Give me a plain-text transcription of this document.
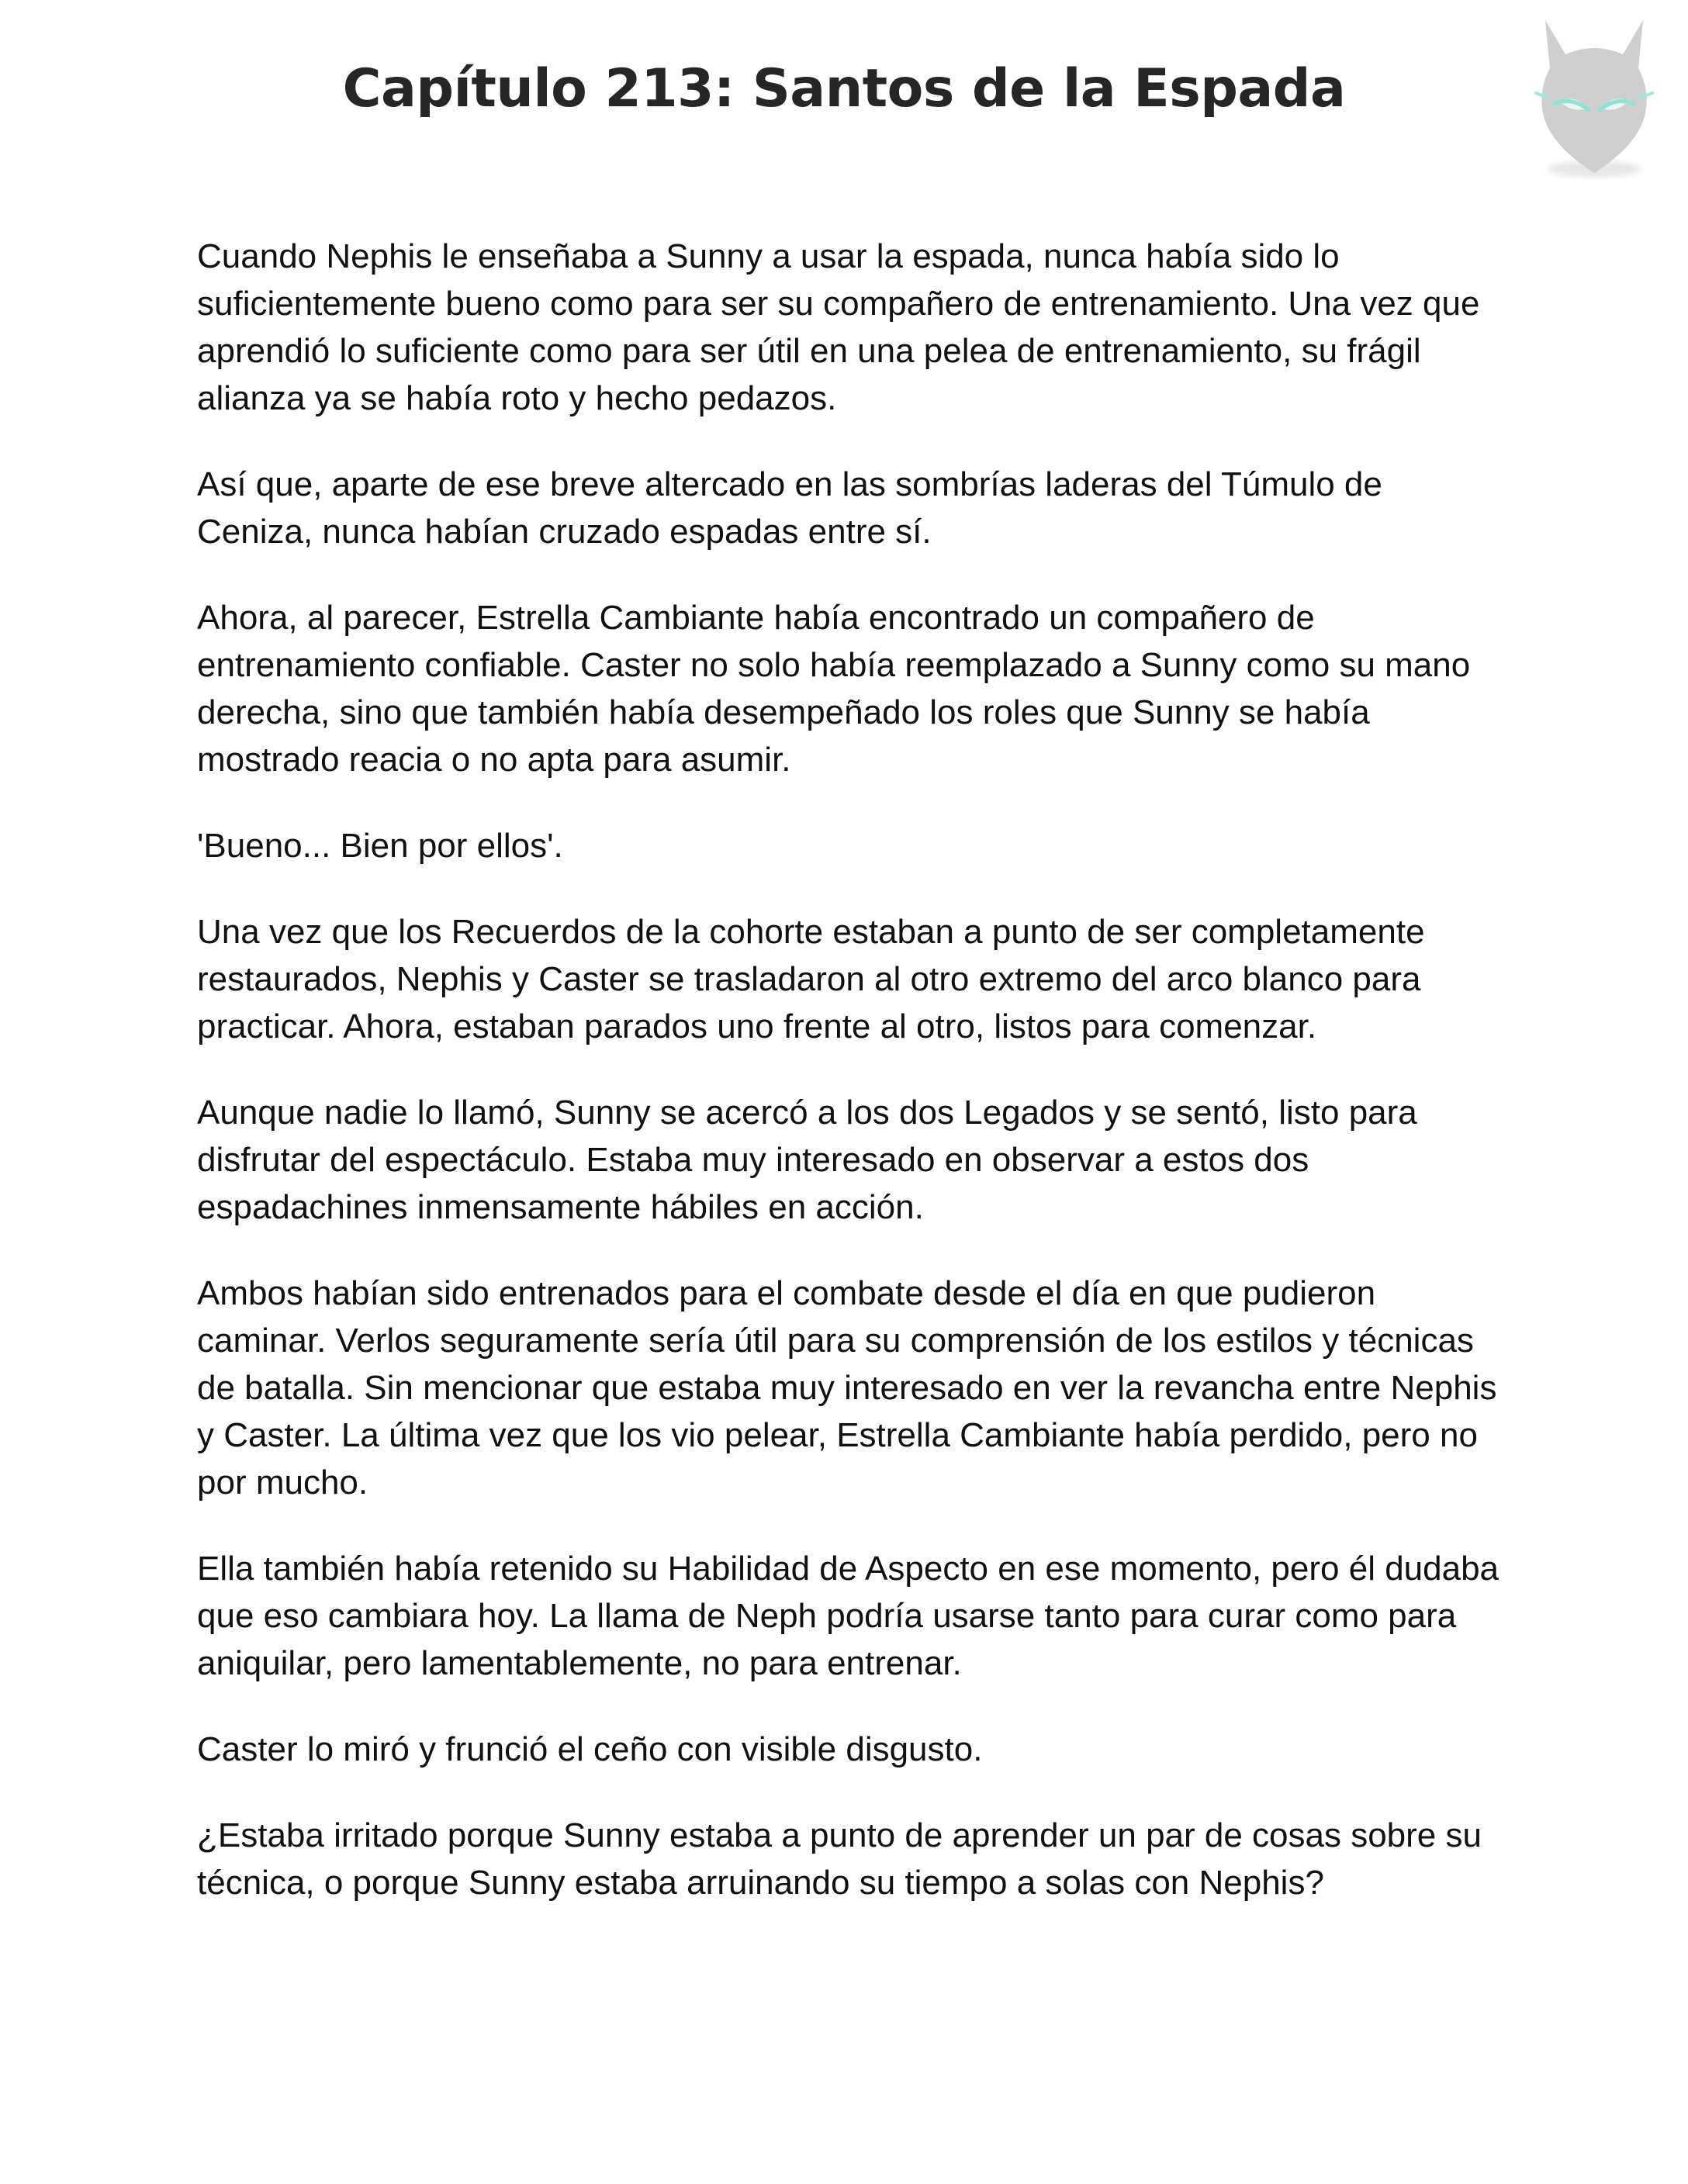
Capítulo 213: Santos de la Espada

Cuando Nephis le enseñaba a Sunny a usar la espada, nunca había sido lo suficientemente bueno como para ser su compañero de entrenamiento. Una vez que aprendió lo suficiente como para ser útil en una pelea de entrenamiento, su frágil alianza ya se había roto y hecho pedazos.

Así que, aparte de ese breve altercado en las sombrías laderas del Túmulo de Ceniza, nunca habían cruzado espadas entre sí.

Ahora, al parecer, Estrella Cambiante había encontrado un compañero de entrenamiento confiable. Caster no solo había reemplazado a Sunny como su mano derecha, sino que también había desempeñado los roles que Sunny se había mostrado reacia o no apta para asumir.

'Bueno... Bien por ellos'.

Una vez que los Recuerdos de la cohorte estaban a punto de ser completamente restaurados, Nephis y Caster se trasladaron al otro extremo del arco blanco para practicar. Ahora, estaban parados uno frente al otro, listos para comenzar.

Aunque nadie lo llamó, Sunny se acercó a los dos Legados y se sentó, listo para disfrutar del espectáculo. Estaba muy interesado en observar a estos dos espadachines inmensamente hábiles en acción.

Ambos habían sido entrenados para el combate desde el día en que pudieron caminar. Verlos seguramente sería útil para su comprensión de los estilos y técnicas de batalla. Sin mencionar que estaba muy interesado en ver la revancha entre Nephis y Caster. La última vez que los vio pelear, Estrella Cambiante había perdido, pero no por mucho.

Ella también había retenido su Habilidad de Aspecto en ese momento, pero él dudaba que eso cambiara hoy. La llama de Neph podría usarse tanto para curar como para aniquilar, pero lamentablemente, no para entrenar.

Caster lo miró y frunció el ceño con visible disgusto.

¿Estaba irritado porque Sunny estaba a punto de aprender un par de cosas sobre su técnica, o porque Sunny estaba arruinando su tiempo a solas con Nephis?
